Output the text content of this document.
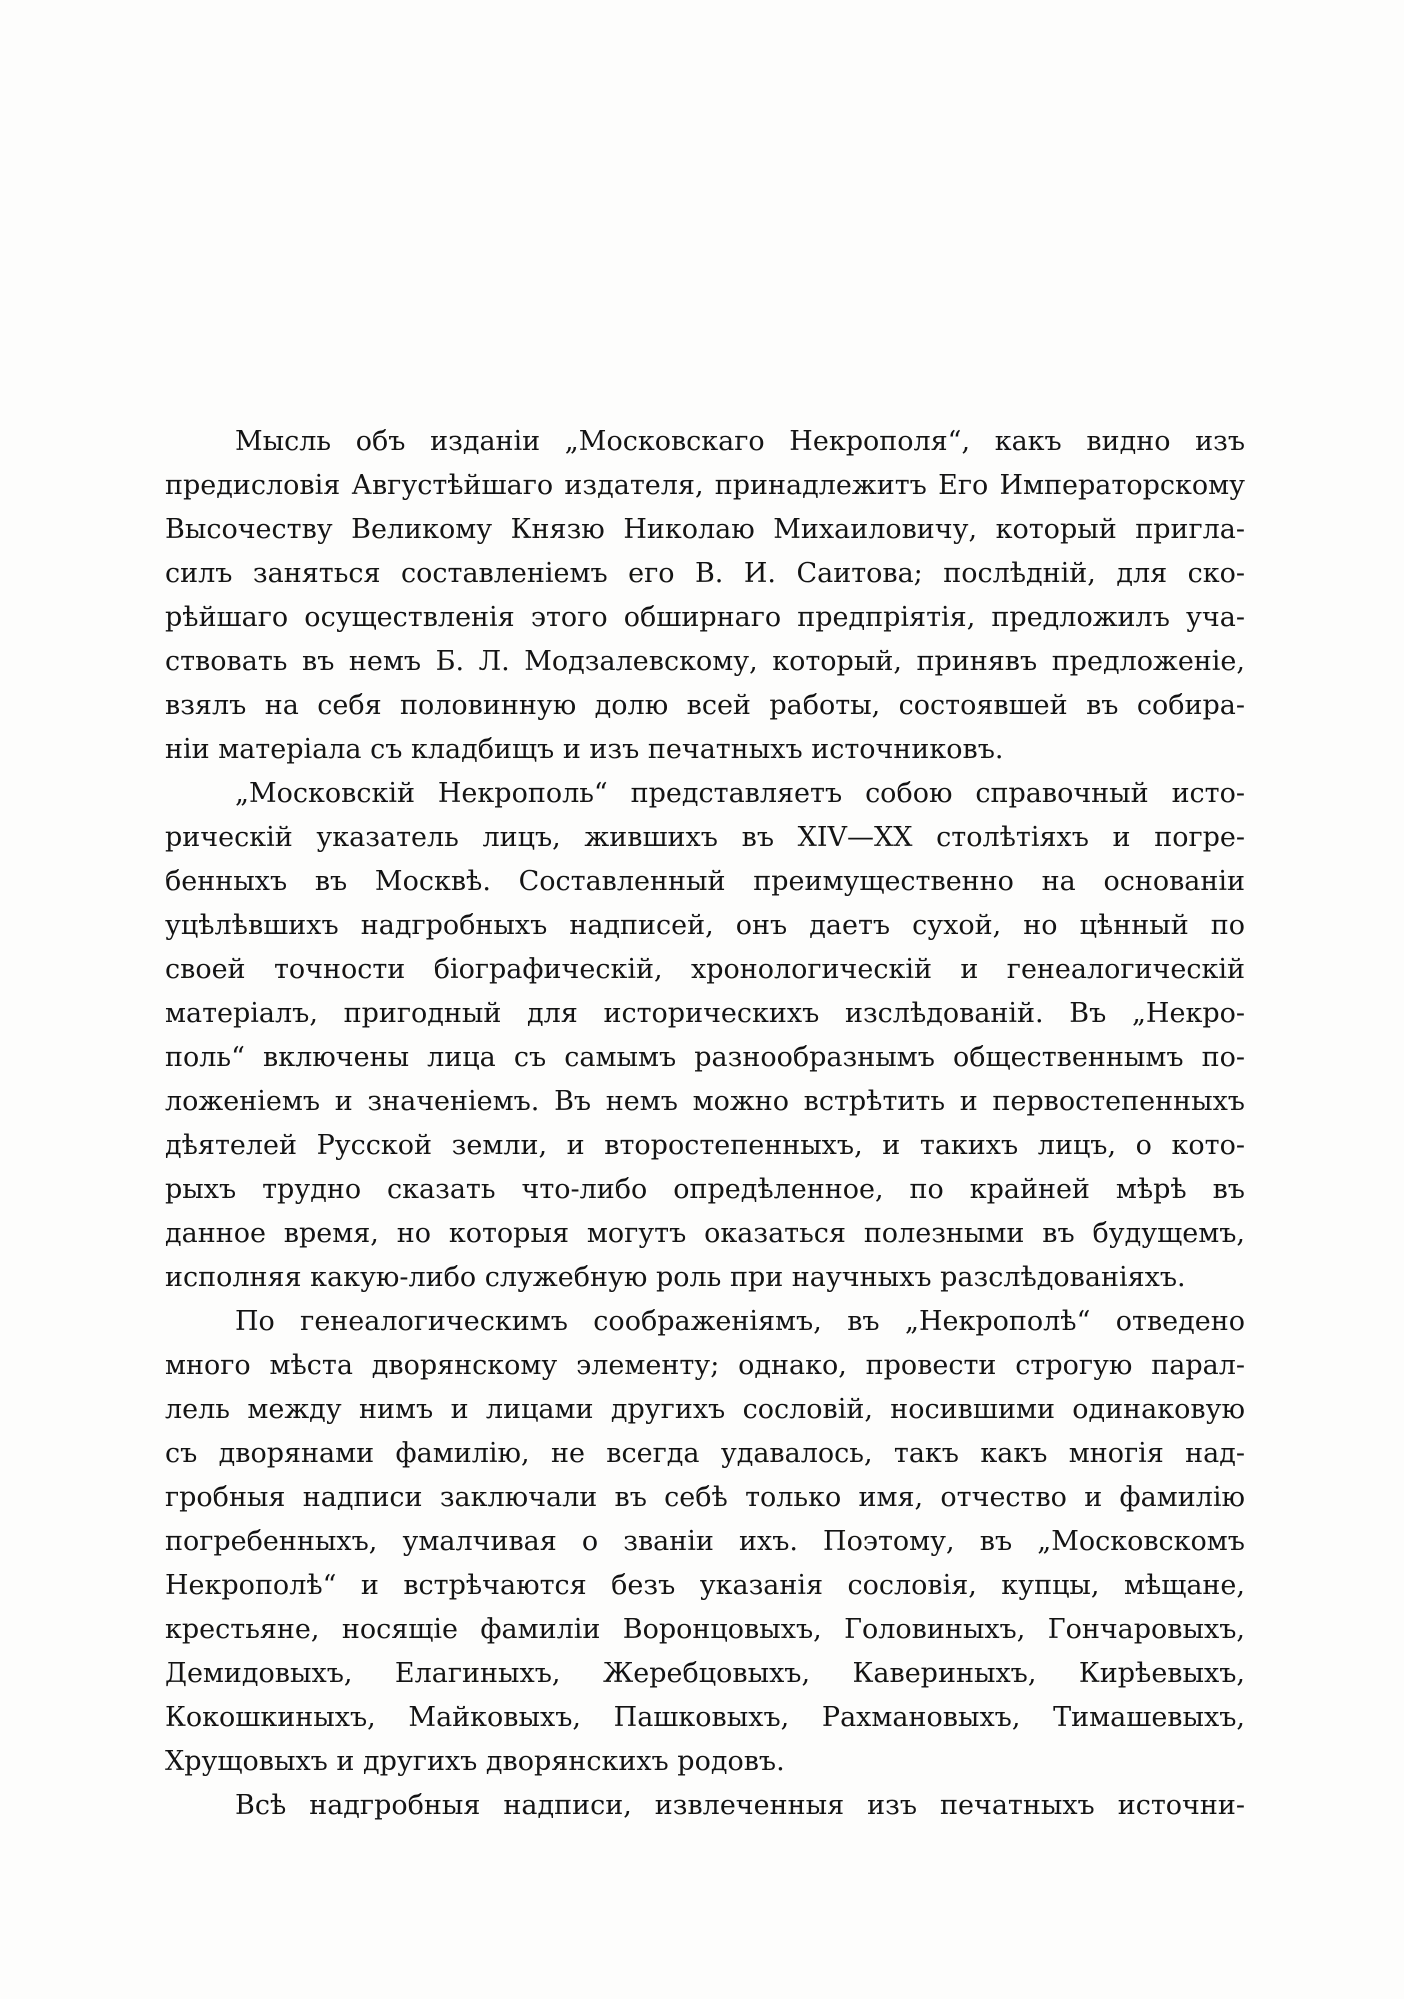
Мысль объ изданіи „Московскаго Некрополя“, какъ видно изъ
предисловія Августѣйшаго издателя, принадлежитъ Его Императорскому
Высочеству Великому Князю Николаю Михаиловичу, который пригла-
силъ заняться составленіемъ его В. И. Саитова; послѣдній, для ско-
рѣйшаго осуществленія этого обширнаго предпріятія, предложилъ уча-
ствовать въ немъ Б. Л. Модзалевскому, который, принявъ предложеніе,
взялъ на себя половинную долю всей работы, состоявшей въ собира-
ніи матеріала съ кладбищъ и изъ печатныхъ источниковъ.
„Московскій Некрополь“ представляетъ собою справочный исто-
рическій указатель лицъ, жившихъ въ XIV—XX столѣтіяхъ и погре-
бенныхъ въ Москвѣ. Составленный преимущественно на основаніи
уцѣлѣвшихъ надгробныхъ надписей, онъ даетъ сухой, но цѣнный по
своей точности біографическій, хронологическій и генеалогическій
матеріалъ, пригодный для историческихъ изслѣдованій. Въ „Некро-
поль“ включены лица съ самымъ разнообразнымъ общественнымъ по-
ложеніемъ и значеніемъ. Въ немъ можно встрѣтить и первостепенныхъ
дѣятелей Русской земли, и второстепенныхъ, и такихъ лицъ, о кото-
рыхъ трудно сказать что-либо опредѣленное, по крайней мѣрѣ въ
данное время, но которыя могутъ оказаться полезными въ будущемъ,
исполняя какую-либо служебную роль при научныхъ разслѣдованіяхъ.
По генеалогическимъ соображеніямъ, въ „Некрополѣ“ отведено
много мѣста дворянскому элементу; однако, провести строгую парал-
лель между нимъ и лицами другихъ сословій, носившими одинаковую
съ дворянами фамилію, не всегда удавалось, такъ какъ многія над-
гробныя надписи заключали въ себѣ только имя, отчество и фамилію
погребенныхъ, умалчивая о званіи ихъ. Поэтому, въ „Московскомъ
Некрополѣ“ и встрѣчаются безъ указанія сословія, купцы, мѣщане,
крестьяне, носящіе фамиліи Воронцовыхъ, Головиныхъ, Гончаровыхъ,
Демидовыхъ, Елагиныхъ, Жеребцовыхъ, Кавериныхъ, Кирѣевыхъ,
Кокошкиныхъ, Майковыхъ, Пашковыхъ, Рахмановыхъ, Тимашевыхъ,
Хрущовыхъ и другихъ дворянскихъ родовъ.
Всѣ надгробныя надписи, извлеченныя изъ печатныхъ источни-
